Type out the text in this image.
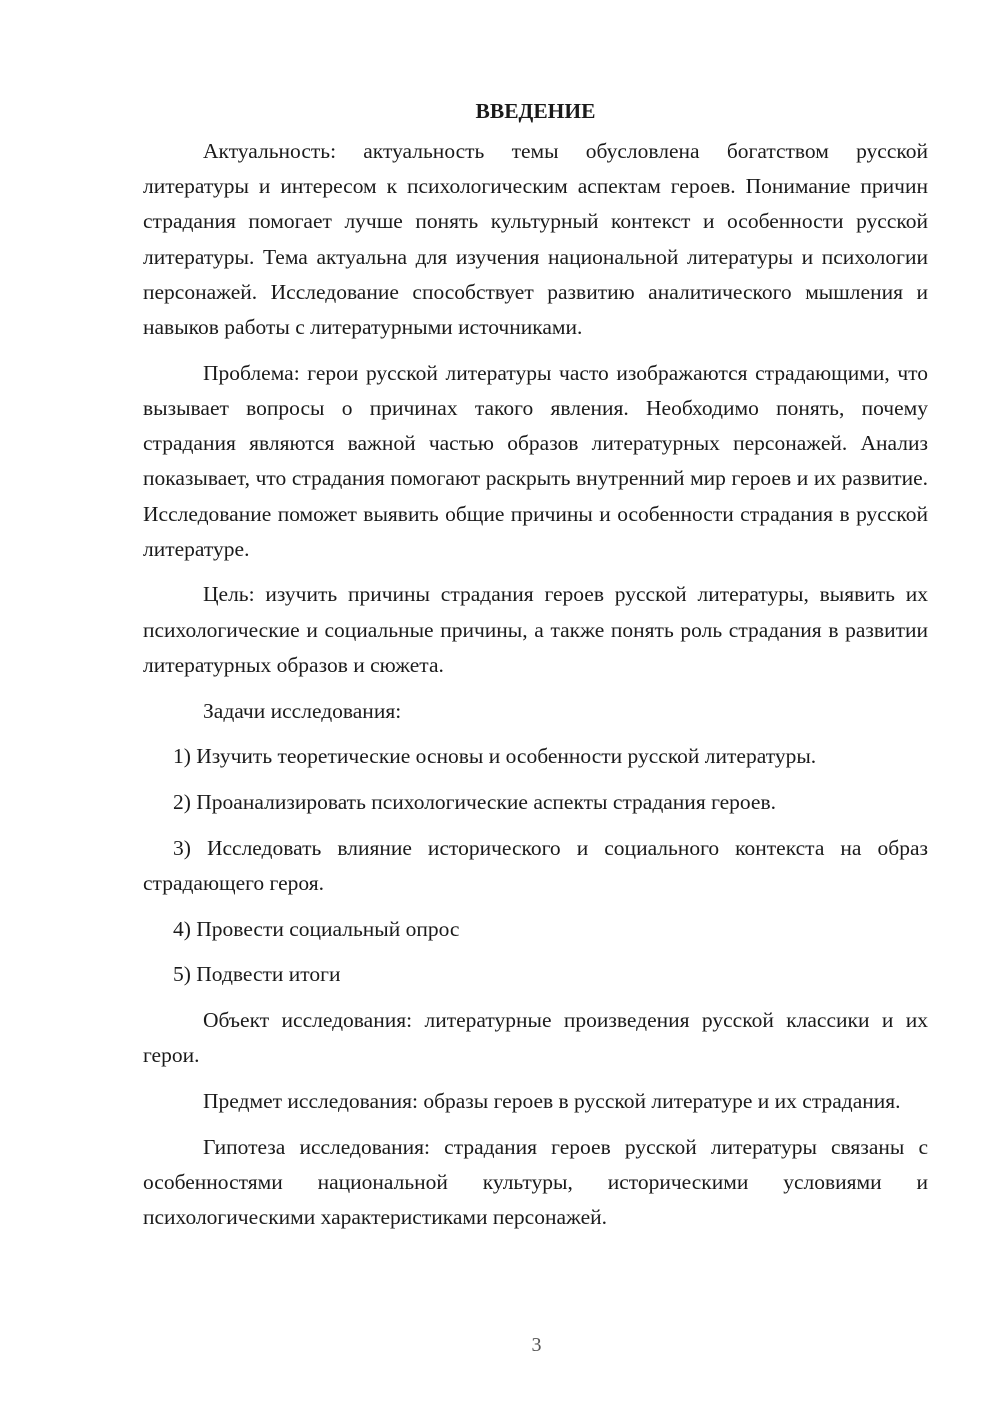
ВВЕДЕНИЕ

Актуальность: актуальность темы обусловлена богатством русской литературы и интересом к психологическим аспектам героев. Понимание причин страдания помогает лучше понять культурный контекст и особенности русской литературы. Тема актуальна для изучения национальной литературы и психологии персонажей. Исследование способствует развитию аналитического мышления и навыков работы с литературными источниками.

Проблема: герои русской литературы часто изображаются страдающими, что вызывает вопросы о причинах такого явления. Необходимо понять, почему страдания являются важной частью образов литературных персонажей. Анализ показывает, что страдания помогают раскрыть внутренний мир героев и их развитие. Исследование поможет выявить общие причины и особенности страдания в русской литературе.

Цель: изучить причины страдания героев русской литературы, выявить их психологические и социальные причины, а также понять роль страдания в развитии литературных образов и сюжета.

Задачи исследования:

1) Изучить теоретические основы и особенности русской литературы.

2) Проанализировать психологические аспекты страдания героев.

3) Исследовать влияние исторического и социального контекста на образ страдающего героя.

4) Провести социальный опрос

5) Подвести итоги

Объект исследования: литературные произведения русской классики и их герои.

Предмет исследования: образы героев в русской литературе и их страдания.

Гипотеза исследования: страдания героев русской литературы связаны с особенностями национальной культуры, историческими условиями и психологическими характеристиками персонажей.

3
